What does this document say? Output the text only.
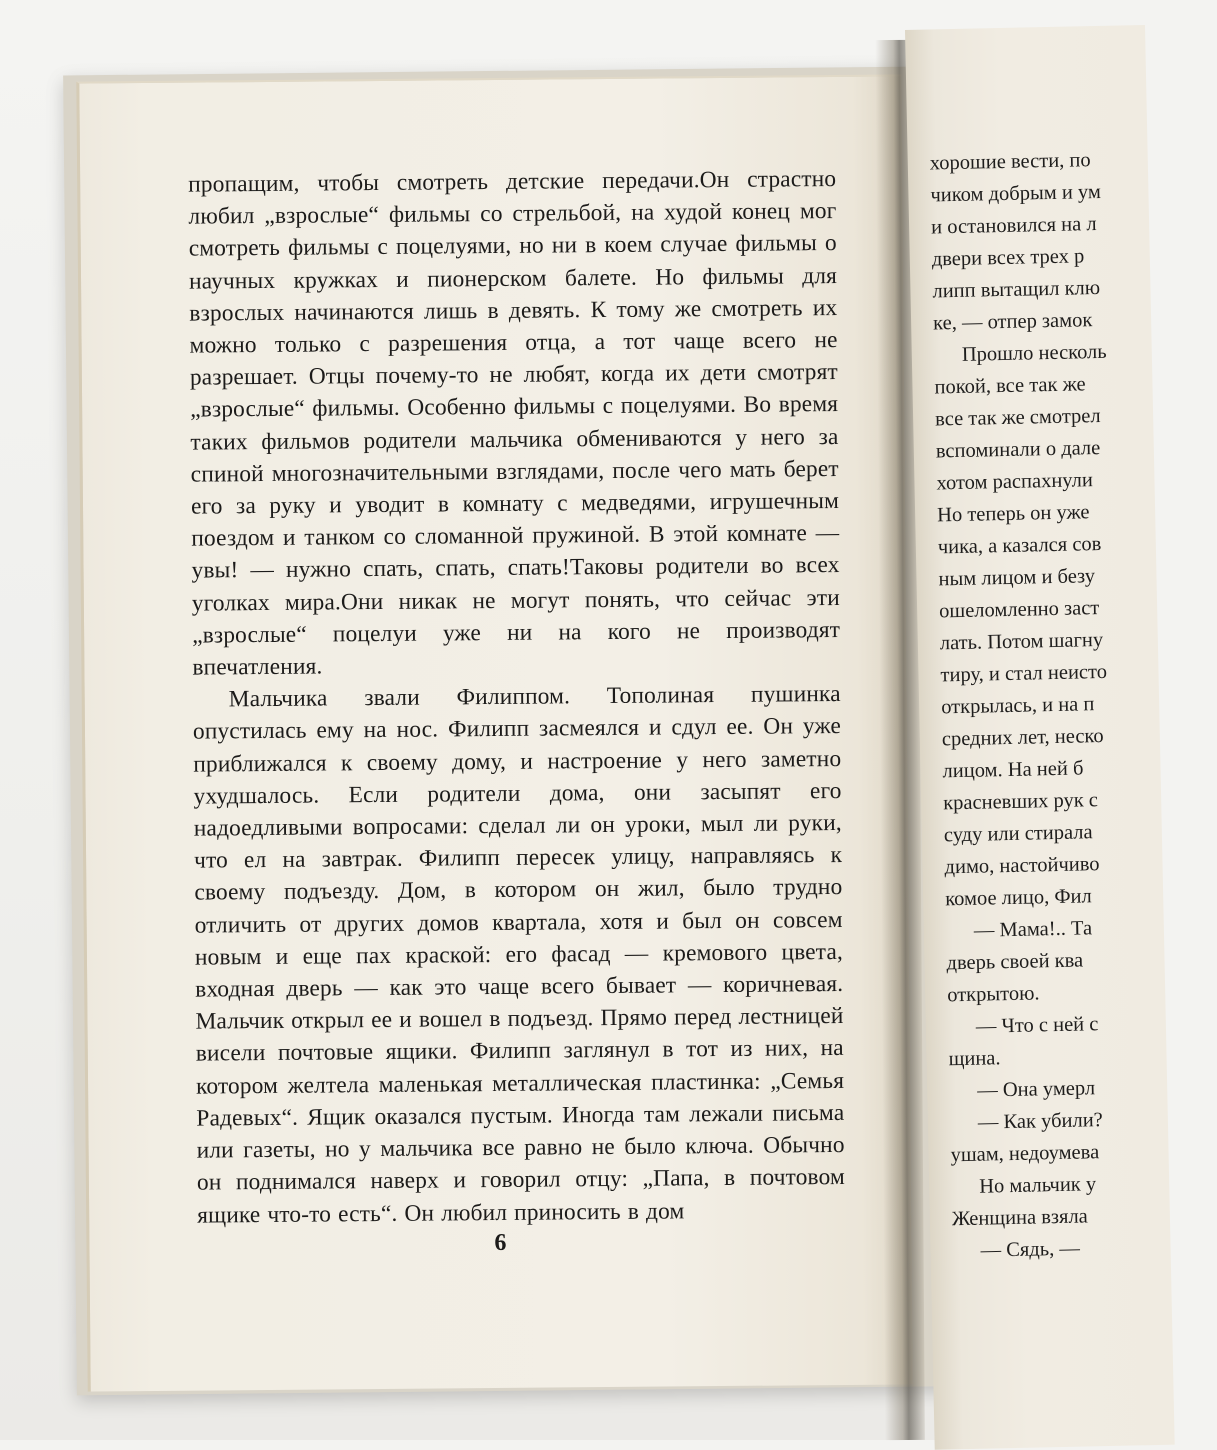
пропащим, чтобы смотреть детские передачи.Он страстно любил „взрослые“ фильмы со стрельбой, на худой конец мог смотреть фильмы с поцелуями, но ни в коем случае фильмы о научных кружках и пионерском балете. Но фильмы для взрослых начинаются лишь в девять. К тому же смотреть их можно только с разрешения отца, а тот чаще всего не разрешает. Отцы почему-то не любят, когда их дети смотрят „взрослые“ фильмы. Особенно фильмы с поцелуями. Во время таких фильмов родители мальчика обмениваются у него за спиной многозначительными взглядами, после чего мать берет его за руку и уводит в комнату с медведями, игрушечным поездом и танком со сломанной пружиной. В этой комнате — увы! — нужно спать, спать, спать!Таковы родители во всех уголках мира.Они никак не могут понять, что сейчас эти „взрослые“ поцелуи уже ни на кого не производят впечатления.

Мальчика звали Филиппом. Тополиная пушинка опустилась ему на нос. Филипп засмеялся и сдул ее. Он уже приближался к своему дому, и настроение у него заметно ухудшалось. Если родители дома, они засыпят его надоедливыми вопросами: сделал ли он уроки, мыл ли руки, что ел на завтрак. Филипп пересек улицу, направляясь к своему подъезду. Дом, в котором он жил, было трудно отличить от других домов квартала, хотя и был он совсем новым и еще пах краской: его фасад — кремового цвета, входная дверь — как это чаще всего бывает — коричневая. Мальчик открыл ее и вошел в подъезд. Прямо перед лестницей висели почтовые ящики. Филипп заглянул в тот из них, на котором желтела маленькая металлическая пластинка: „Семья Радевых“. Ящик оказался пустым. Иногда там лежали письма или газеты, но у мальчика все равно не было ключа. Обычно он поднимался наверх и говорил отцу: „Папа, в почтовом ящике что-то есть“. Он любил приносить в дом

6
хорошие вести, по
чиком добрым и ум
и остановился на л
двери всех трех р
липп вытащил клю
ке, — отпер замок
Прошло несколь
покой, все так же
все так же смотрел
вспоминали о дале
хотом распахнули
Но теперь он уже
чика, а казался сов
ным лицом и безу
ошеломленно заст
лать. Потом шагну
тиру, и стал неисто
открылась, и на п
средних лет, неско
лицом. На ней б
красневших рук с
суду или стирала
димо, настойчиво
комое лицо, Фил
— Мама!.. Та
дверь своей ква
открытою.
— Что с ней с
щина.
— Она умерл
— Как убили?
ушам, недоумева
Но мальчик у
Женщина взяла
— Сядь, —
